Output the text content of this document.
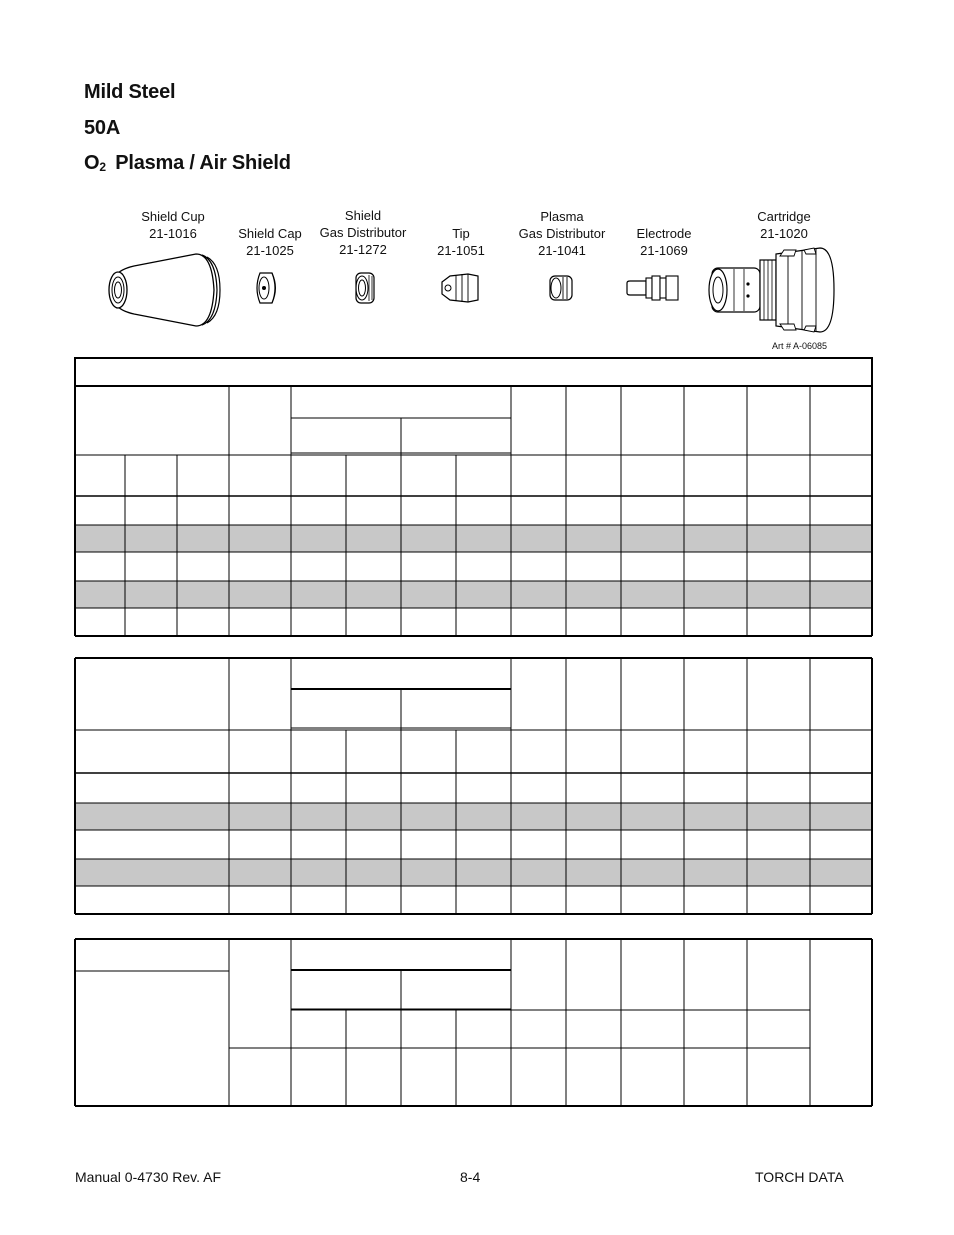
Mild Steel
50A
$O_2$ Plasma / Air Shield
Shield Cup
21-1016	Shield Cap
21-1025
Shield
Gas Distributor
21-1272
Tip
21-1051
Plasma
Gas Distributor
21-1041
Electrode
21-1069
Cartridge
21-1020
Art # A-06085
Manual 0-4730 Rev. AF	8-4	TORCH DATA
